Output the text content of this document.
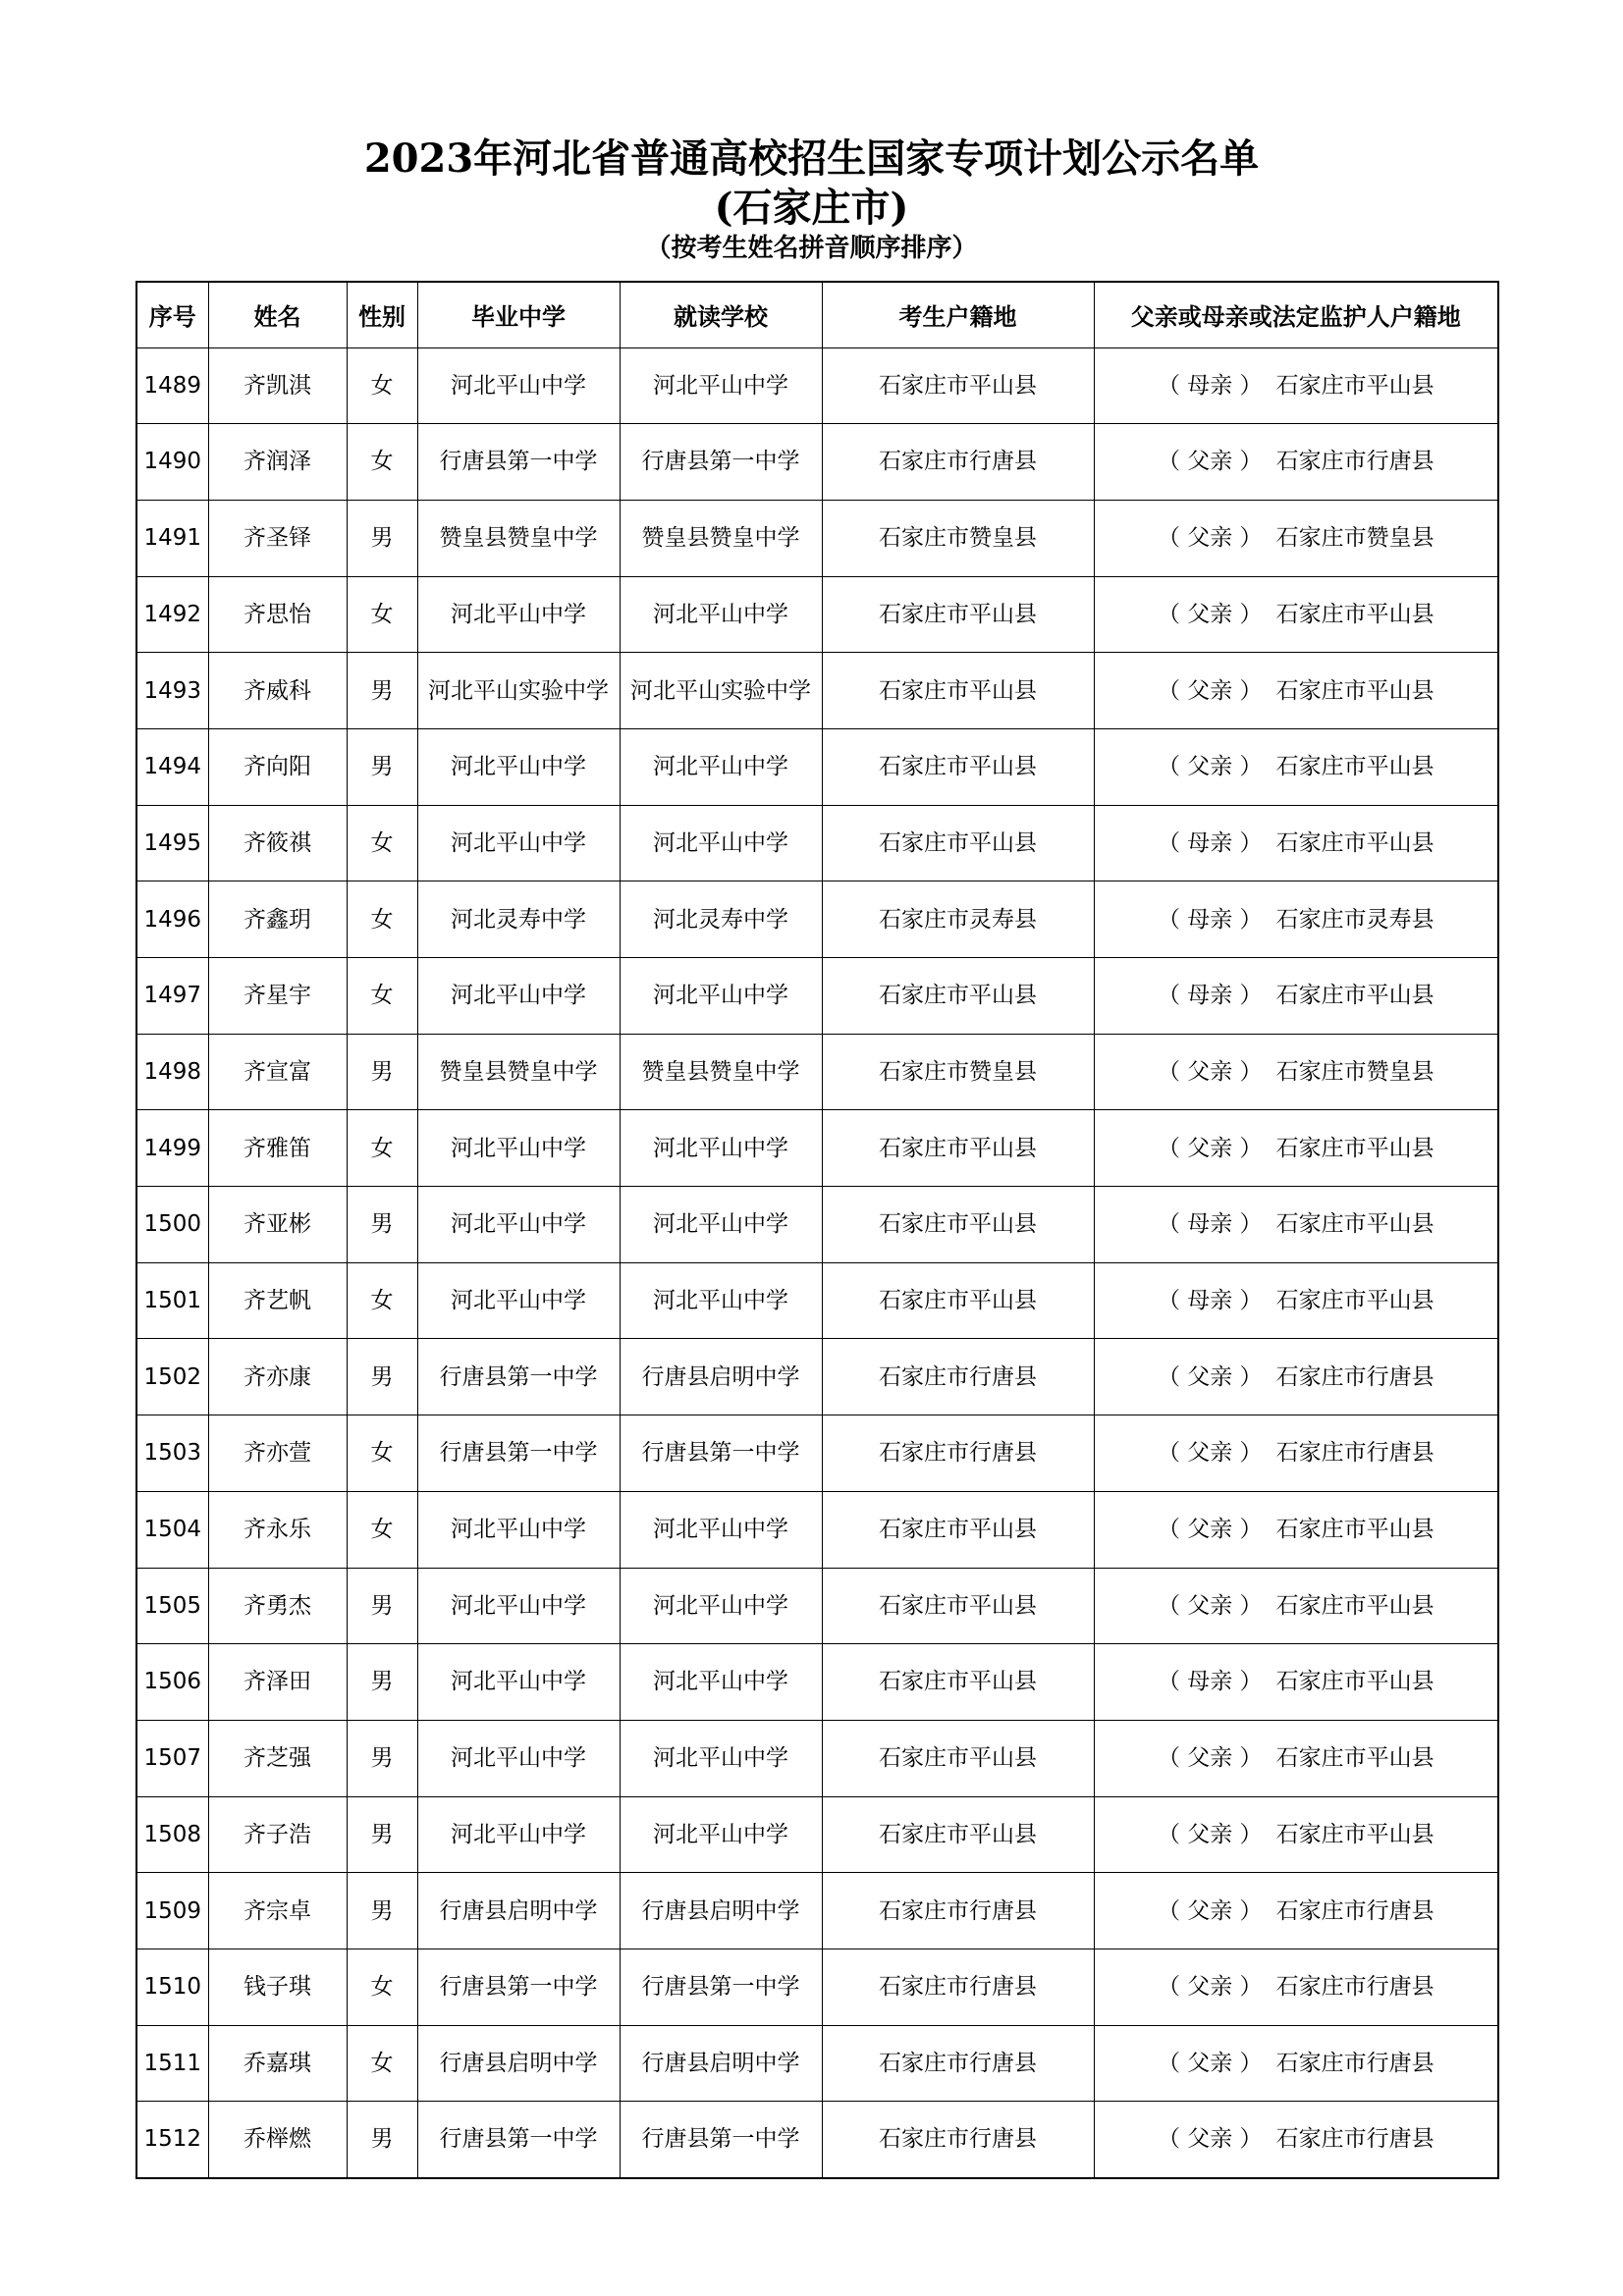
2023年河北省普通高校招生国家专项计划公示名单
(石家庄市)
（按考生姓名拼音顺序排序）
序号	姓名	性别	毕业中学	就读学校	考生户籍地	父亲或母亲或法定监护人户籍地
1489	齐凯淇	女	河北平山中学	河北平山中学	石家庄市平山县	（ 母亲 ） 石家庄市平山县
1490	齐润泽	女	行唐县第一中学	行唐县第一中学	石家庄市行唐县	（ 父亲 ） 石家庄市行唐县
1491	齐圣铎	男	赞皇县赞皇中学	赞皇县赞皇中学	石家庄市赞皇县	（ 父亲 ） 石家庄市赞皇县
1492	齐思怡	女	河北平山中学	河北平山中学	石家庄市平山县	（ 父亲 ） 石家庄市平山县
1493	齐威科	男	河北平山实验中学	河北平山实验中学	石家庄市平山县	（ 父亲 ） 石家庄市平山县
1494	齐向阳	男	河北平山中学	河北平山中学	石家庄市平山县	（ 父亲 ） 石家庄市平山县
1495	齐筱祺	女	河北平山中学	河北平山中学	石家庄市平山县	（ 母亲 ） 石家庄市平山县
1496	齐鑫玥	女	河北灵寿中学	河北灵寿中学	石家庄市灵寿县	（ 母亲 ） 石家庄市灵寿县
1497	齐星宇	女	河北平山中学	河北平山中学	石家庄市平山县	（ 母亲 ） 石家庄市平山县
1498	齐宣富	男	赞皇县赞皇中学	赞皇县赞皇中学	石家庄市赞皇县	（ 父亲 ） 石家庄市赞皇县
1499	齐雅笛	女	河北平山中学	河北平山中学	石家庄市平山县	（ 父亲 ） 石家庄市平山县
1500	齐亚彬	男	河北平山中学	河北平山中学	石家庄市平山县	（ 母亲 ） 石家庄市平山县
1501	齐艺帆	女	河北平山中学	河北平山中学	石家庄市平山县	（ 母亲 ） 石家庄市平山县
1502	齐亦康	男	行唐县第一中学	行唐县启明中学	石家庄市行唐县	（ 父亲 ） 石家庄市行唐县
1503	齐亦萱	女	行唐县第一中学	行唐县第一中学	石家庄市行唐县	（ 父亲 ） 石家庄市行唐县
1504	齐永乐	女	河北平山中学	河北平山中学	石家庄市平山县	（ 父亲 ） 石家庄市平山县
1505	齐勇杰	男	河北平山中学	河北平山中学	石家庄市平山县	（ 父亲 ） 石家庄市平山县
1506	齐泽田	男	河北平山中学	河北平山中学	石家庄市平山县	（ 母亲 ） 石家庄市平山县
1507	齐芝强	男	河北平山中学	河北平山中学	石家庄市平山县	（ 父亲 ） 石家庄市平山县
1508	齐子浩	男	河北平山中学	河北平山中学	石家庄市平山县	（ 父亲 ） 石家庄市平山县
1509	齐宗卓	男	行唐县启明中学	行唐县启明中学	石家庄市行唐县	（ 父亲 ） 石家庄市行唐县
1510	钱子琪	女	行唐县第一中学	行唐县第一中学	石家庄市行唐县	（ 父亲 ） 石家庄市行唐县
1511	乔嘉琪	女	行唐县启明中学	行唐县启明中学	石家庄市行唐县	（ 父亲 ） 石家庄市行唐县
1512	乔榉燃	男	行唐县第一中学	行唐县第一中学	石家庄市行唐县	（ 父亲 ） 石家庄市行唐县
